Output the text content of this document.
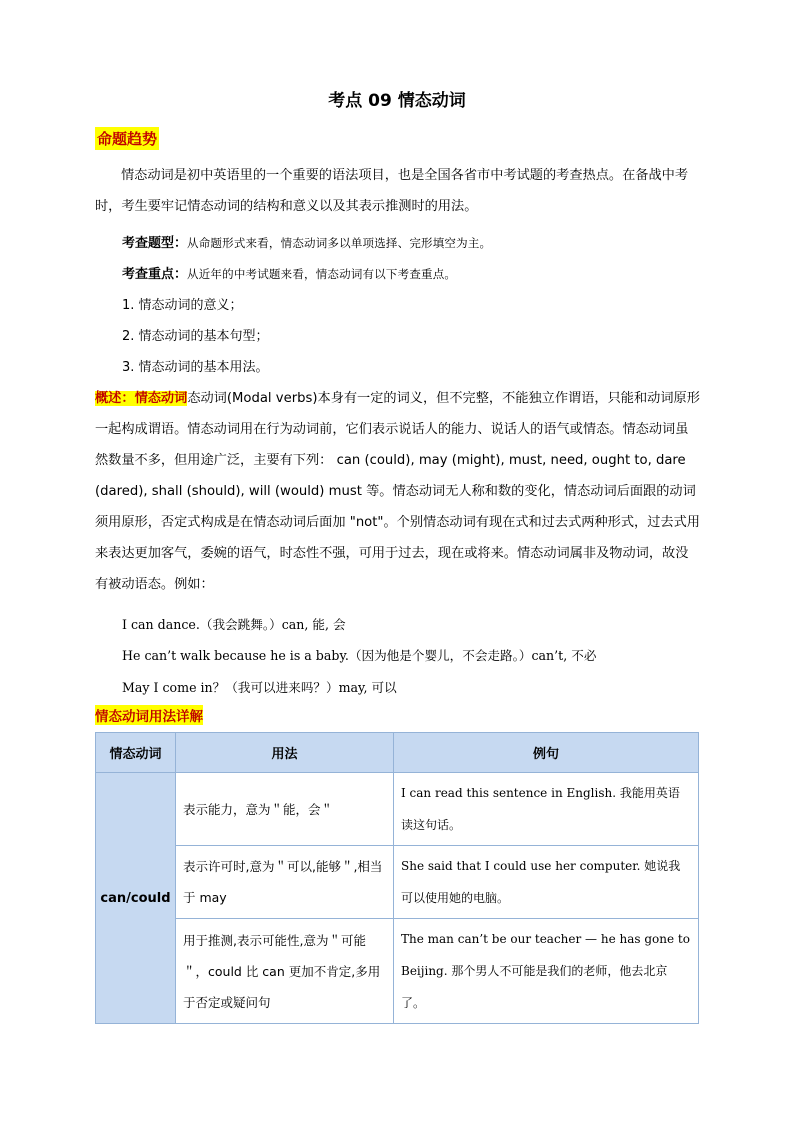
考点 09 情态动词
命题趋势
情态动词是初中英语里的一个重要的语法项目，也是全国各省市中考试题的考查热点。在备战中考时，考生要牢记情态动词的结构和意义以及其表示推测时的用法。
考查题型：从命题形式来看，情态动词多以单项选择、完形填空为主。
考查重点：从近年的中考试题来看，情态动词有以下考查重点。
1. 情态动词的意义；
2. 情态动词的基本句型；
3. 情态动词的基本用法。
概述：情态动词态动词(Modal verbs)本身有一定的词义，但不完整，不能独立作谓语，只能和动词原形一起构成谓语。情态动词用在行为动词前，它们表示说话人的能力、说话人的语气或情态。情态动词虽然数量不多，但用途广泛，主要有下列： can (could), may (might), must, need, ought to, dare (dared), shall (should), will (would) must 等。情态动词无人称和数的变化，情态动词后面跟的动词须用原形，否定式构成是在情态动词后面加 "not"。个别情态动词有现在式和过去式两种形式，过去式用来表达更加客气，委婉的语气，时态性不强，可用于过去，现在或将来。情态动词属非及物动词，故没有被动语态。例如：
I can dance.（我会跳舞。）can, 能, 会
He can’t walk because he is a baby.（因为他是个婴儿，不会走路。）can’t, 不必
May I come in？（我可以进来吗？）may, 可以
情态动词用法详解
情态动词	用法	例句
can/could	表示能力，意为＂能，会＂	I can read this sentence in English. 我能用英语读这句话。
	表示许可时,意为＂可以,能够＂,相当于 may	She said that I could use her computer. 她说我可以使用她的电脑。
	用于推测,表示可能性,意为＂可能＂，could 比 can 更加不肯定,多用于否定或疑问句	The man can’t be our teacher — he has gone to Beijing. 那个男人不可能是我们的老师，他去北京了。
